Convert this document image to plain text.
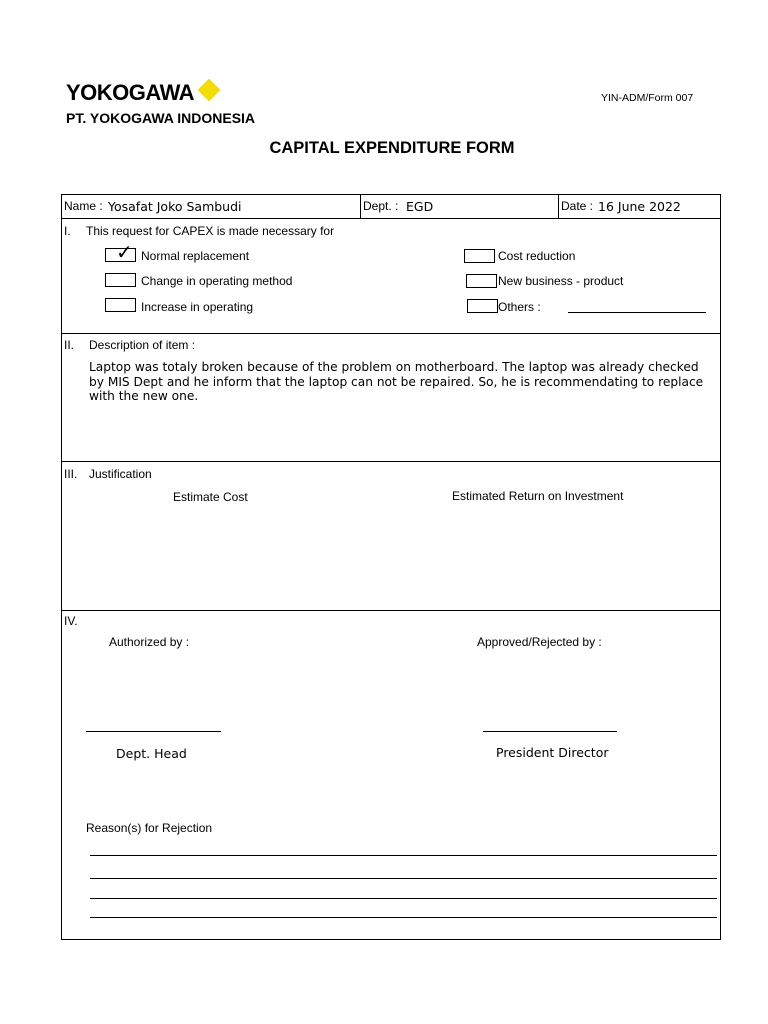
YOKOGAWA	YIN-ADM/Form 007
PT. YOKOGAWA INDONESIA
CAPITAL EXPENDITURE FORM
Name : Yosafat Joko Sambudi	Dept. : EGD	Date : 16 June 2022
I. This request for CAPEX is made necessary for
✓ Normal replacement
Change in operating method
Increase in operating
Cost reduction
New business - product
Others :
II. Description of item :
Laptop was totaly broken because of the problem on motherboard. The laptop was already checked by MIS Dept and he inform that the laptop can not be repaired. So, he is recommendating to replace with the new one.
III. Justification
Estimate Cost	Estimated Return on Investment
IV.
Authorized by :	Approved/Rejected by :
Dept. Head	President Director
Reason(s) for Rejection
